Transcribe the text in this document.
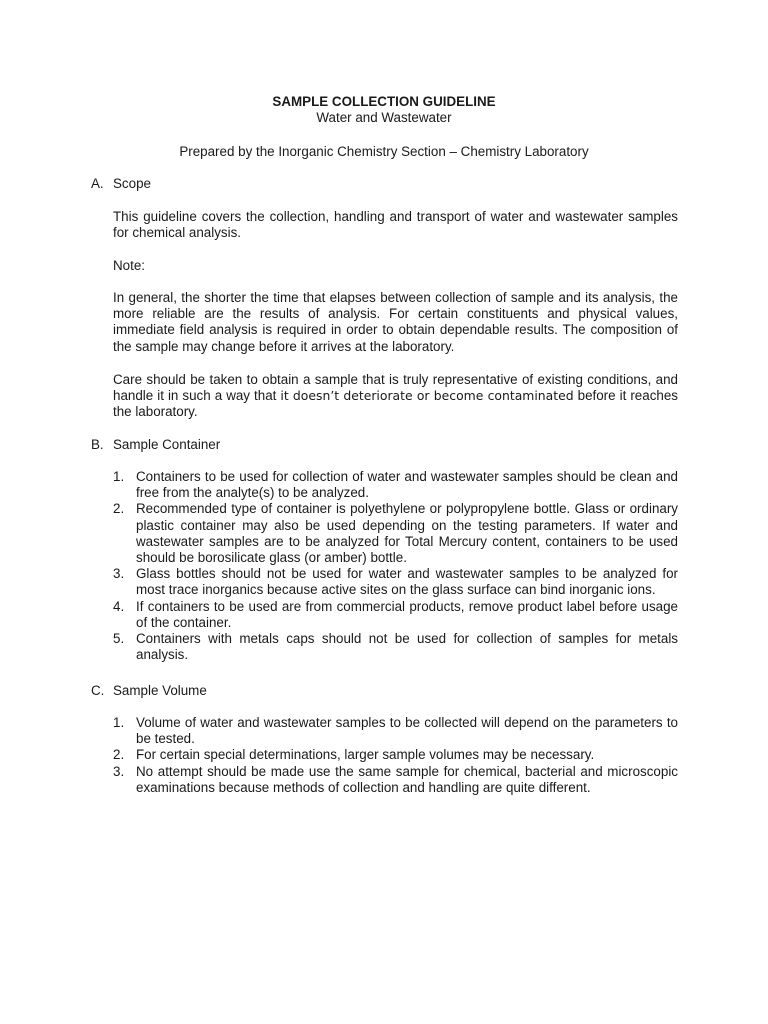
SAMPLE COLLECTION GUIDELINE
Water and Wastewater
Prepared by the Inorganic Chemistry Section – Chemistry Laboratory
A. Scope
This guideline covers the collection, handling and transport of water and wastewater samples for chemical analysis.
Note:
In general, the shorter the time that elapses between collection of sample and its analysis, the more reliable are the results of analysis. For certain constituents and physical values, immediate field analysis is required in order to obtain dependable results. The composition of the sample may change before it arrives at the laboratory.
Care should be taken to obtain a sample that is truly representative of existing conditions, and handle it in such a way that it doesn’t deteriorate or become contaminated before it reaches the laboratory.
B. Sample Container
1. Containers to be used for collection of water and wastewater samples should be clean and free from the analyte(s) to be analyzed.
2. Recommended type of container is polyethylene or polypropylene bottle. Glass or ordinary plastic container may also be used depending on the testing parameters. If water and wastewater samples are to be analyzed for Total Mercury content, containers to be used should be borosilicate glass (or amber) bottle.
3. Glass bottles should not be used for water and wastewater samples to be analyzed for most trace inorganics because active sites on the glass surface can bind inorganic ions.
4. If containers to be used are from commercial products, remove product label before usage of the container.
5. Containers with metals caps should not be used for collection of samples for metals analysis.
C. Sample Volume
1. Volume of water and wastewater samples to be collected will depend on the parameters to be tested.
2. For certain special determinations, larger sample volumes may be necessary.
3. No attempt should be made use the same sample for chemical, bacterial and microscopic examinations because methods of collection and handling are quite different.
